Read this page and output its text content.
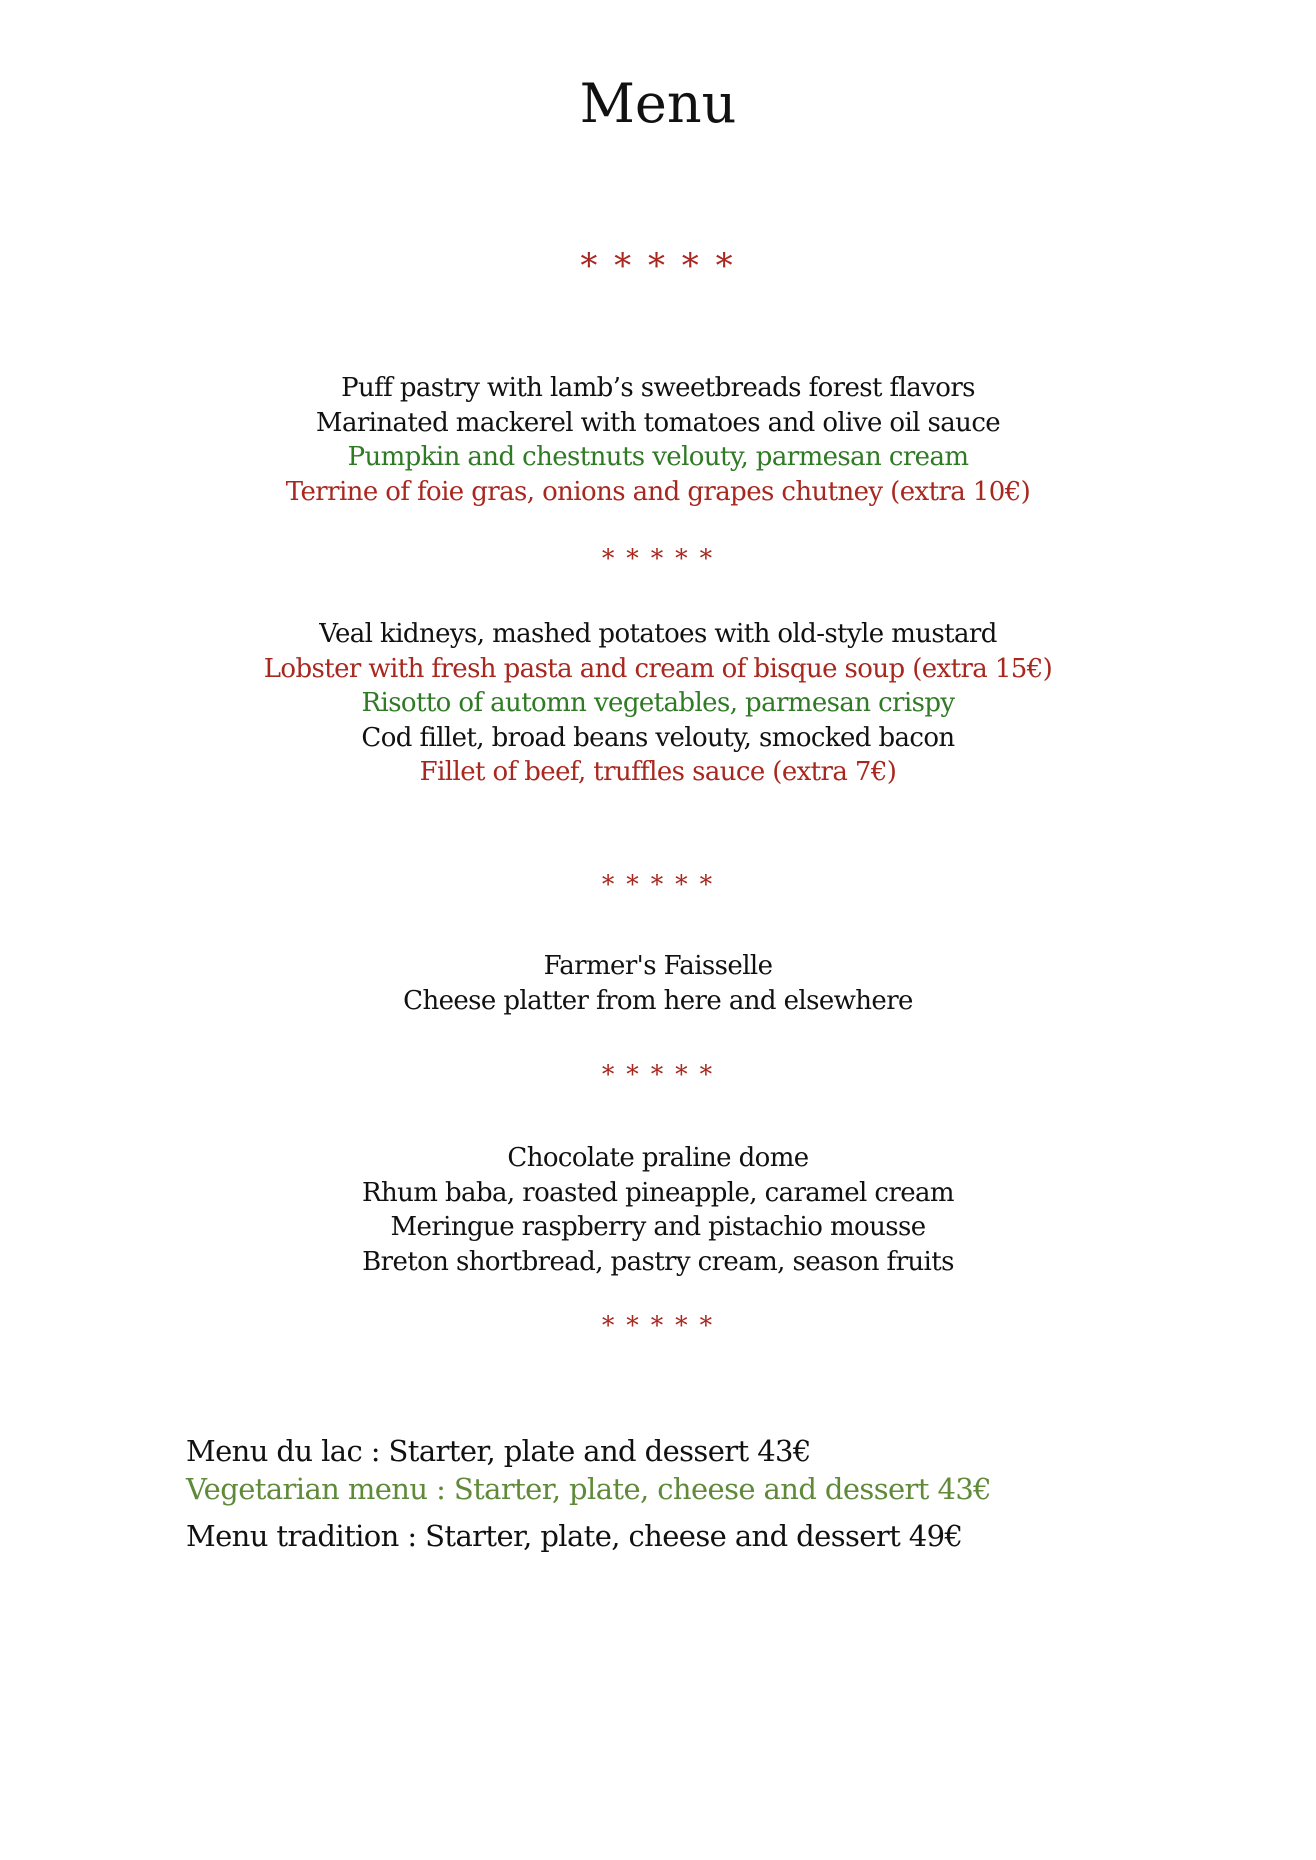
Menu
* * * * *
Puff pastry with lamb’s sweetbreads forest flavors
Marinated mackerel with tomatoes and olive oil sauce
Pumpkin and chestnuts velouty, parmesan cream
Terrine of foie gras, onions and grapes chutney (extra 10€)
* * * * *
Veal kidneys, mashed potatoes with old-style mustard
Lobster with fresh pasta and cream of bisque soup (extra 15€)
Risotto of automn vegetables, parmesan crispy
Cod fillet, broad beans velouty, smocked bacon
Fillet of beef, truffles sauce (extra 7€)
* * * * *
Farmer's Faisselle
Cheese platter from here and elsewhere
* * * * *
Chocolate praline dome
Rhum baba, roasted pineapple, caramel cream
Meringue raspberry and pistachio mousse
Breton shortbread, pastry cream, season fruits
* * * * *
Menu du lac : Starter, plate and dessert 43€
Vegetarian menu : Starter, plate, cheese and dessert 43€
Menu tradition : Starter, plate, cheese and dessert 49€
